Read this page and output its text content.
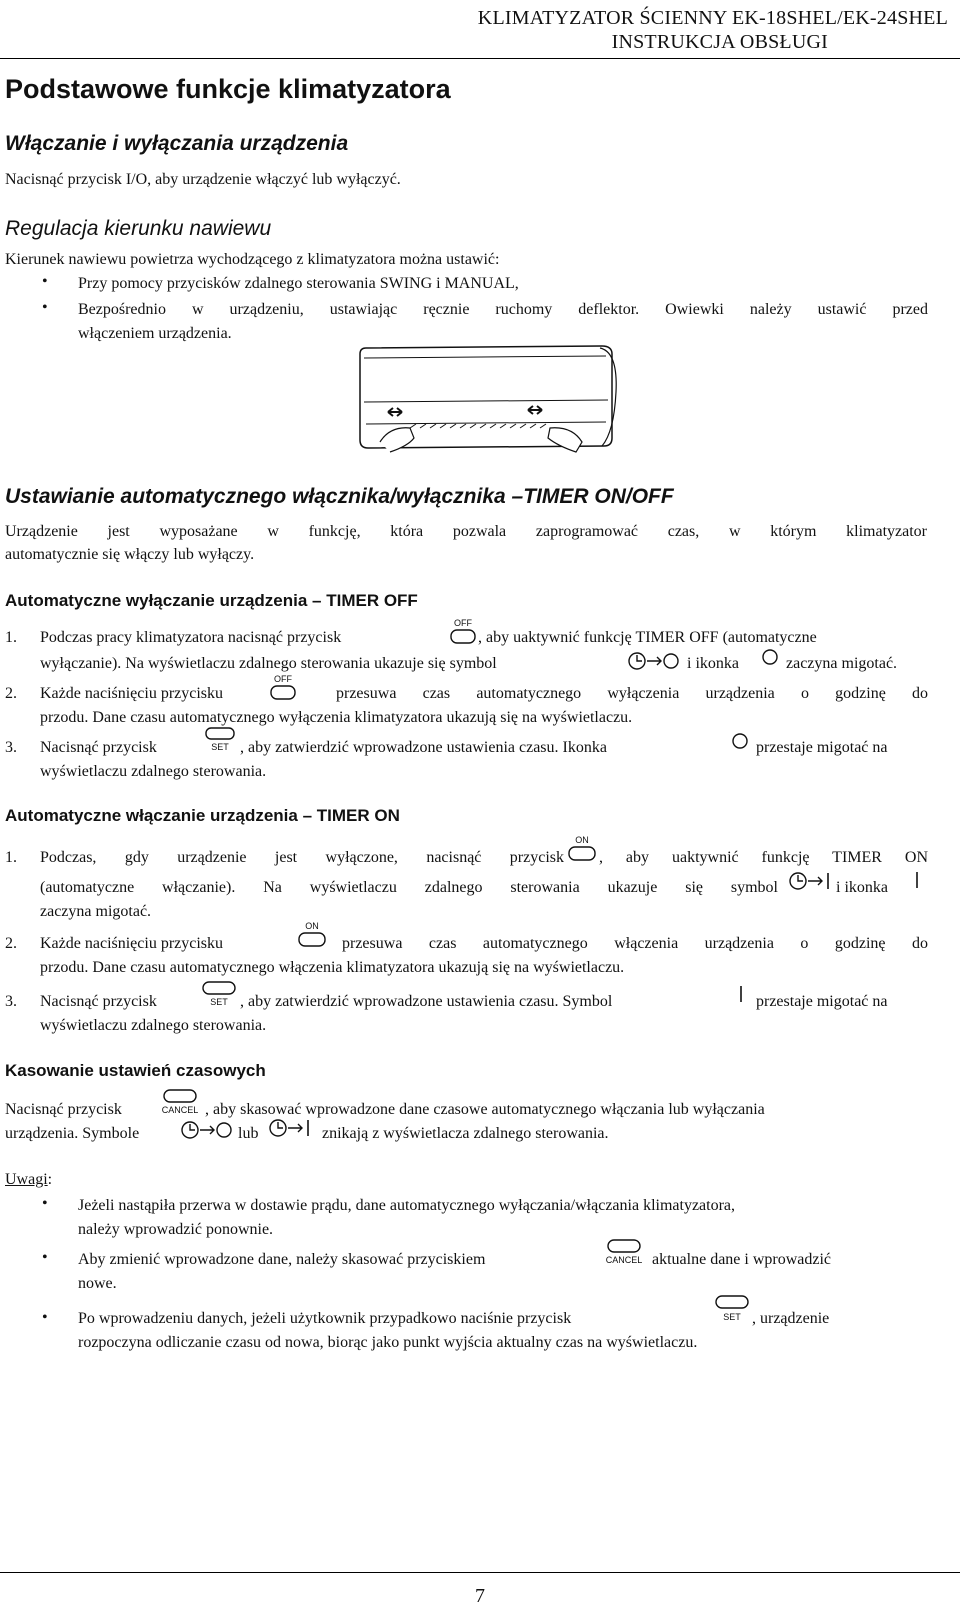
KLIMATYZATOR ŚCIENNY EK-18SHEL/EK-24SHEL
INSTRUKCJA OBSŁUGI
Podstawowe funkcje klimatyzatora
Włączanie i wyłączania urządzenia
Nacisnąć przycisk I/O, aby urządzenie włączyć lub wyłączyć.
Regulacja kierunku nawiewu
Kierunek nawiewu powietrza wychodzącego z klimatyzatora można ustawić:
• Przy pomocy przycisków zdalnego sterowania SWING i MANUAL,
• Bezpośrednio w urządzeniu, ustawiając ręcznie ruchomy deflektor. Owiewki należy ustawić przed
włączeniem urządzenia.
Ustawianie automatycznego włącznika/wyłącznika –TIMER ON/OFF
Urządzenie jest wyposażane w funkcję, która pozwala zaprogramować czas, w którym klimatyzator
automatycznie się włączy lub wyłączy.
Automatyczne wyłączanie urządzenia – TIMER OFF
1. Podczas pracy klimatyzatora nacisnąć przycisk
OFF
, aby uaktywnić funkcję TIMER OFF (automatyczne
wyłączanie). Na wyświetlaczu zdalnego sterowania ukazuje się symbol	i ikonka	zaczyna migotać.
2. Każde naciśnięciu przycisku
OFF
przesuwa czas automatycznego wyłączenia urządzenia o godzinę do
przodu. Dane czasu automatycznego wyłączenia klimatyzatora ukazują się na wyświetlaczu.
3. Nacisnąć przycisk	SET , aby zatwierdzić wprowadzone ustawienia czasu. Ikonka	przestaje migotać na
wyświetlaczu zdalnego sterowania.
Automatyczne włączanie urządzenia – TIMER ON
1. Podczas, gdy urządzenie jest wyłączone, nacisnąć przycisk
ON
, aby uaktywnić funkcję TIMER ON
(automatyczne włączanie). Na wyświetlaczu zdalnego sterowania ukazuje się symbol	i ikonka
zaczyna migotać.
2. Każde naciśnięciu przycisku
ON
przesuwa czas automatycznego włączenia urządzenia o godzinę do
przodu. Dane czasu automatycznego włączenia klimatyzatora ukazują się na wyświetlaczu.
3. Nacisnąć przycisk	SET , aby zatwierdzić wprowadzone ustawienia czasu. Symbol	przestaje migotać na
wyświetlaczu zdalnego sterowania.
Kasowanie ustawień czasowych
Nacisnąć przycisk	CANCEL , aby skasować wprowadzone dane czasowe automatycznego włączania lub wyłączania
urządzenia. Symbole	lub	znikają z wyświetlacza zdalnego sterowania.
Uwagi:
• Jeżeli nastąpiła przerwa w dostawie prądu, dane automatycznego wyłączania/włączania klimatyzatora,
należy wprowadzić ponownie.
• Aby zmienić wprowadzone dane, należy skasować przyciskiem	CANCEL aktualne dane i wprowadzić
nowe.
• Po wprowadzeniu danych, jeżeli użytkownik przypadkowo naciśnie przycisk	SET , urządzenie
rozpoczyna odliczanie czasu od nowa, biorąc jako punkt wyjścia aktualny czas na wyświetlaczu.
7
